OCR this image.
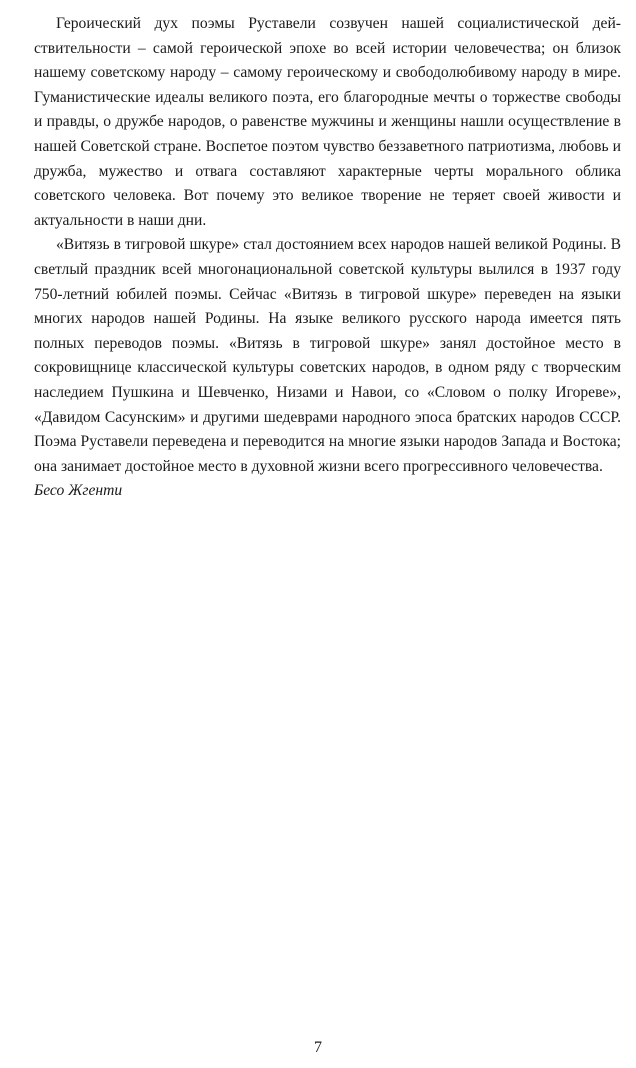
Героический дух поэмы Руставели созвучен нашей социалистической действительности – самой героической эпохе во всей истории человечества; он близок нашему советскому народу – самому героическому и свободолюбивому народу в мире. Гуманистические идеалы великого поэта, его благородные мечты о торжестве свободы и правды, о дружбе народов, о равенстве мужчины и женщины нашли осуществление в нашей Советской стране. Воспетое поэтом чувство беззаветного патриотизма, любовь и дружба, мужество и отвага составляют характерные черты морального облика советского человека. Вот почему это великое творение не теряет своей живости и актуальности в наши дни.

«Витязь в тигровой шкуре» стал достоянием всех народов нашей великой Родины. В светлый праздник всей многонациональной советской культуры вылился в 1937 году 750-летний юбилей поэмы. Сейчас «Витязь в тигровой шкуре» переведен на языки многих народов нашей Родины. На языке великого русского народа имеется пять полных переводов поэмы. «Витязь в тигровой шкуре» занял достойное место в сокровищнице классической культуры советских народов, в одном ряду с творческим наследием Пушкина и Шевченко, Низами и Навои, со «Словом о полку Игореве», «Давидом Сасунским» и другими шедеврами народного эпоса братских народов СССР. Поэма Руставели переведена и переводится на многие языки народов Запада и Востока; она занимает достойное место в духовной жизни всего прогрессивного человечества.

Бесо Жгенти

7
